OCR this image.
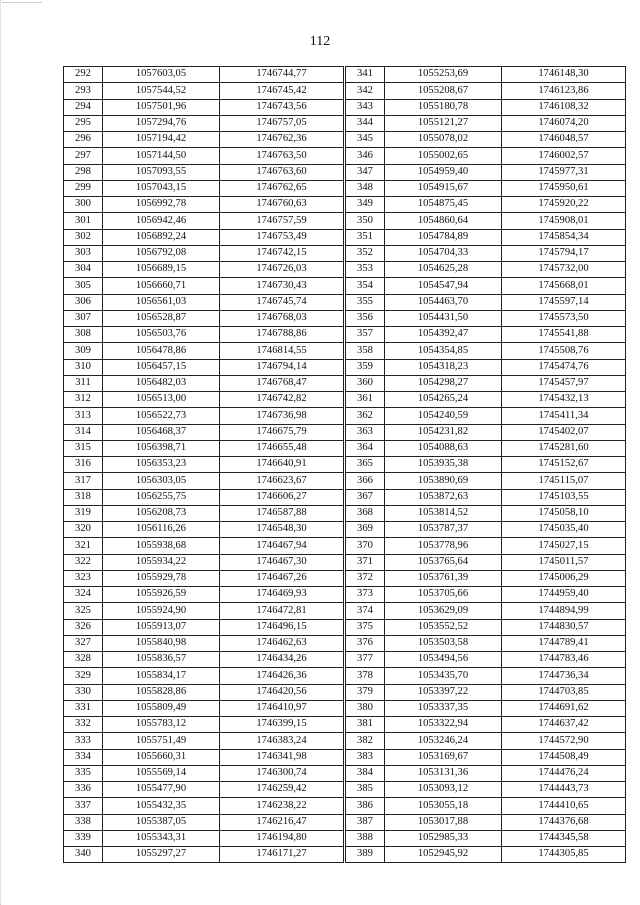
112
292	1057603,05	1746744,77
293	1057544,52	1746745,42
294	1057501,96	1746743,56
295	1057294,76	1746757,05
296	1057194,42	1746762,36
297	1057144,50	1746763,50
298	1057093,55	1746763,60
299	1057043,15	1746762,65
300	1056992,78	1746760,63
301	1056942,46	1746757,59
302	1056892,24	1746753,49
303	1056792,08	1746742,15
304	1056689,15	1746726,03
305	1056660,71	1746730,43
306	1056561,03	1746745,74
307	1056528,87	1746768,03
308	1056503,76	1746788,86
309	1056478,86	1746814,55
310	1056457,15	1746794,14
311	1056482,03	1746768,47
312	1056513,00	1746742,82
313	1056522,73	1746736,98
314	1056468,37	1746675,79
315	1056398,71	1746655,48
316	1056353,23	1746640,91
317	1056303,05	1746623,67
318	1056255,75	1746606,27
319	1056208,73	1746587,88
320	1056116,26	1746548,30
321	1055938,68	1746467,94
322	1055934,22	1746467,30
323	1055929,78	1746467,26
324	1055926,59	1746469,93
325	1055924,90	1746472,81
326	1055913,07	1746496,15
327	1055840,98	1746462,63
328	1055836,57	1746434,26
329	1055834,17	1746426,36
330	1055828,86	1746420,56
331	1055809,49	1746410,97
332	1055783,12	1746399,15
333	1055751,49	1746383,24
334	1055660,31	1746341,98
335	1055569,14	1746300,74
336	1055477,90	1746259,42
337	1055432,35	1746238,22
338	1055387,05	1746216,47
339	1055343,31	1746194,80
340	1055297,27	1746171,27
341	1055253,69	1746148,30
342	1055208,67	1746123,86
343	1055180,78	1746108,32
344	1055121,27	1746074,20
345	1055078,02	1746048,57
346	1055002,65	1746002,57
347	1054959,40	1745977,31
348	1054915,67	1745950,61
349	1054875,45	1745920,22
350	1054860,64	1745908,01
351	1054784,89	1745854,34
352	1054704,33	1745794,17
353	1054625,28	1745732,00
354	1054547,94	1745668,01
355	1054463,70	1745597,14
356	1054431,50	1745573,50
357	1054392,47	1745541,88
358	1054354,85	1745508,76
359	1054318,23	1745474,76
360	1054298,27	1745457,97
361	1054265,24	1745432,13
362	1054240,59	1745411,34
363	1054231,82	1745402,07
364	1054088,63	1745281,60
365	1053935,38	1745152,67
366	1053890,69	1745115,07
367	1053872,63	1745103,55
368	1053814,52	1745058,10
369	1053787,37	1745035,40
370	1053778,96	1745027,15
371	1053765,64	1745011,57
372	1053761,39	1745006,29
373	1053705,66	1744959,40
374	1053629,09	1744894,99
375	1053552,52	1744830,57
376	1053503,58	1744789,41
377	1053494,56	1744783,46
378	1053435,70	1744736,34
379	1053397,22	1744703,85
380	1053337,35	1744691,62
381	1053322,94	1744637,42
382	1053246,24	1744572,90
383	1053169,67	1744508,49
384	1053131,36	1744476,24
385	1053093,12	1744443,73
386	1053055,18	1744410,65
387	1053017,88	1744376,68
388	1052985,33	1744345,58
389	1052945,92	1744305,85
